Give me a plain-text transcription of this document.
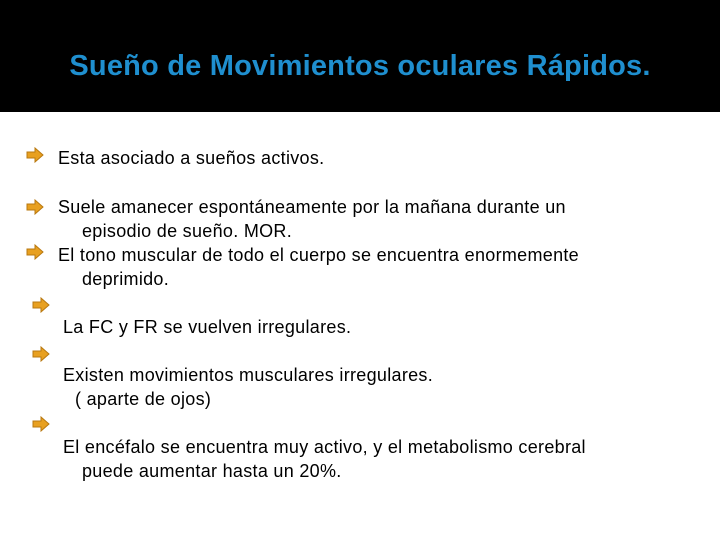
Sueño de Movimientos oculares Rápidos.
Esta asociado a sueños activos.
Suele amanecer espontáneamente por la mañana durante un
episodio de sueño. MOR.
El tono muscular de todo el cuerpo se encuentra enormemente
deprimido.
La FC y FR se vuelven irregulares.
Existen movimientos musculares irregulares.
( aparte de ojos)
El encéfalo se encuentra muy activo, y el metabolismo cerebral
puede aumentar hasta un 20%.
